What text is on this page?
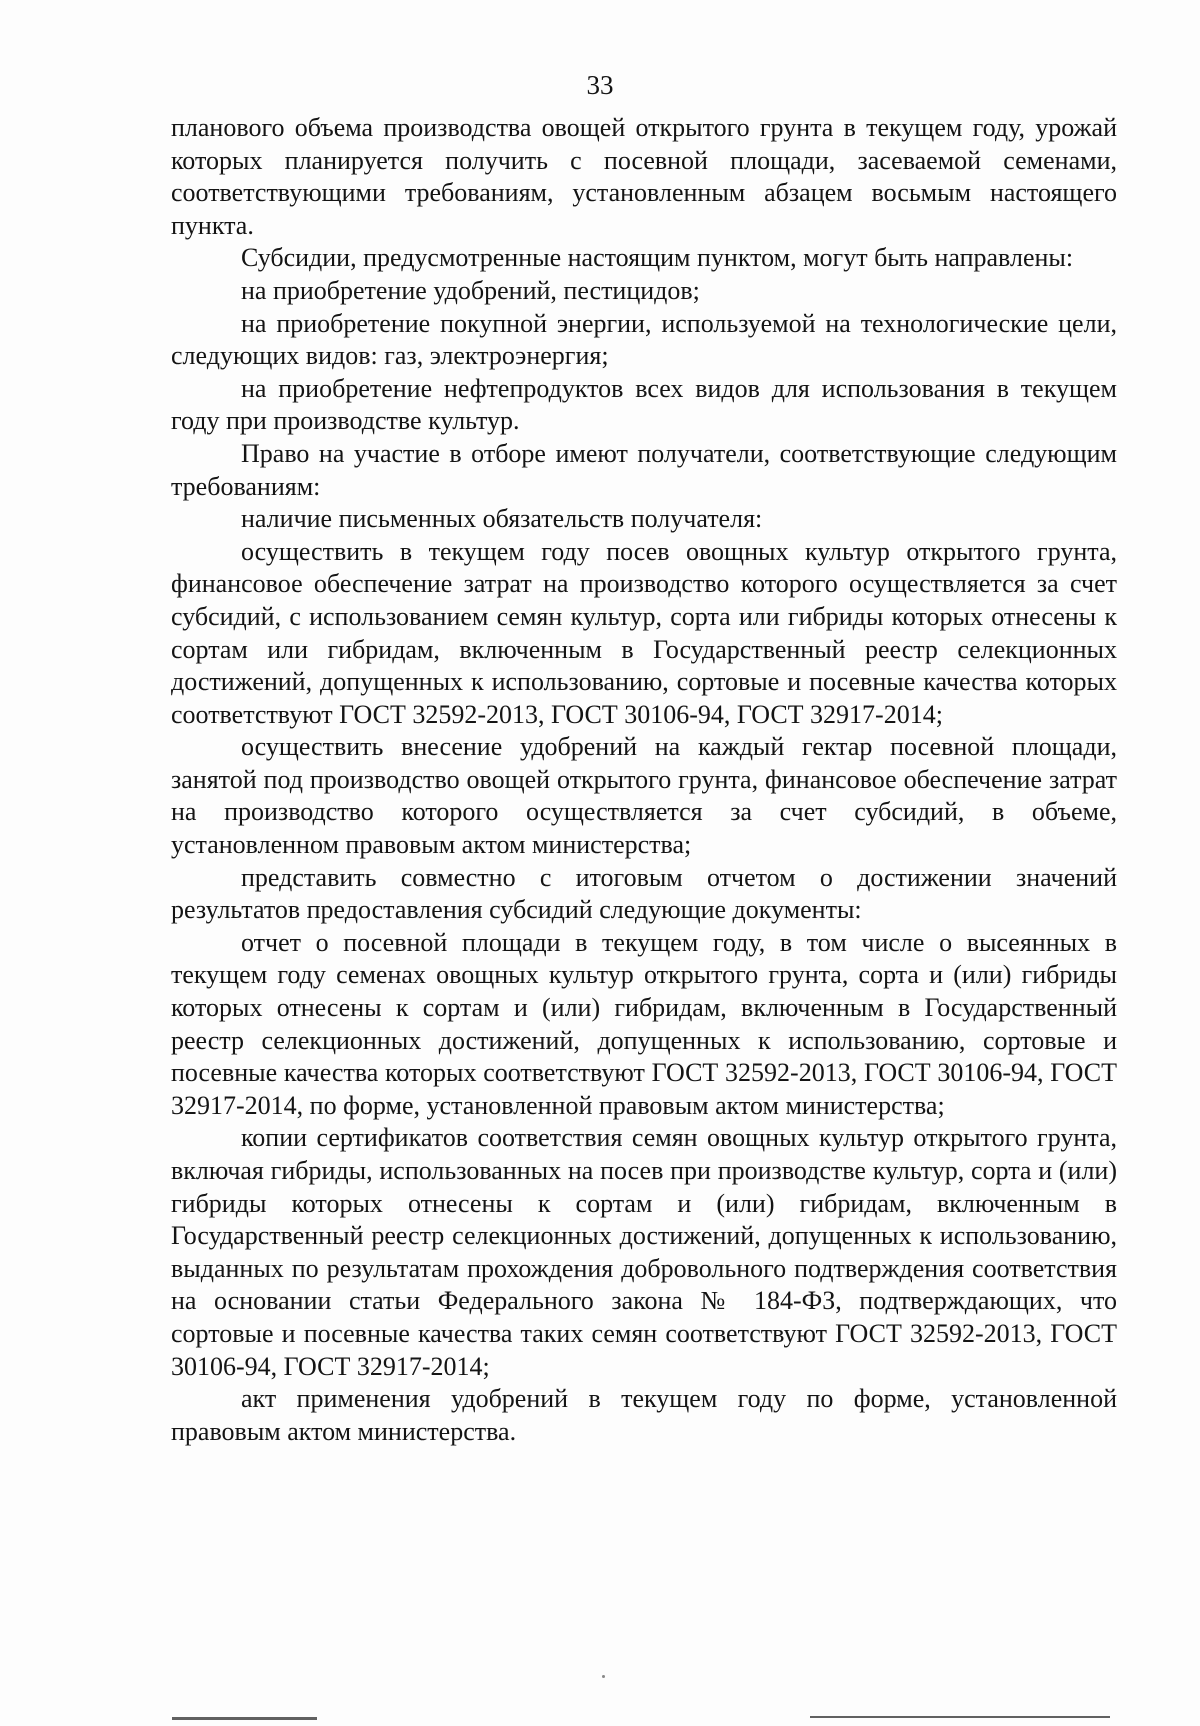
33

планового объема производства овощей открытого грунта в текущем году, урожай которых планируется получить с посевной площади, засеваемой семенами, соответствующими требованиям, установленным абзацем восьмым настоящего пункта.

Субсидии, предусмотренные настоящим пунктом, могут быть направлены:

на приобретение удобрений, пестицидов;

на приобретение покупной энергии, используемой на технологические цели, следующих видов: газ, электроэнергия;

на приобретение нефтепродуктов всех видов для использования в текущем году при производстве культур.

Право на участие в отборе имеют получатели, соответствующие следующим требованиям:

наличие письменных обязательств получателя:

осуществить в текущем году посев овощных культур открытого грунта, финансовое обеспечение затрат на производство которого осуществляется за счет субсидий, с использованием семян культур, сорта или гибриды которых отнесены к сортам или гибридам, включенным в Государственный реестр селекционных достижений, допущенных к использованию, сортовые и посевные качества которых соответствуют ГОСТ 32592-2013, ГОСТ 30106-94, ГОСТ 32917-2014;

осуществить внесение удобрений на каждый гектар посевной площади, занятой под производство овощей открытого грунта, финансовое обеспечение затрат на производство которого осуществляется за счет субсидий, в объеме, установленном правовым актом министерства;

представить совместно с итоговым отчетом о достижении значений результатов предоставления субсидий следующие документы:

отчет о посевной площади в текущем году, в том числе о высеянных в текущем году семенах овощных культур открытого грунта, сорта и (или) гибриды которых отнесены к сортам и (или) гибридам, включенным в Государственный реестр селекционных достижений, допущенных к использованию, сортовые и посевные качества которых соответствуют ГОСТ 32592-2013, ГОСТ 30106-94, ГОСТ 32917-2014, по форме, установленной правовым актом министерства;

копии сертификатов соответствия семян овощных культур открытого грунта, включая гибриды, использованных на посев при производстве культур, сорта и (или) гибриды которых отнесены к сортам и (или) гибридам, включенным в Государственный реестр селекционных достижений, допущенных к использованию, выданных по результатам прохождения добровольного подтверждения соответствия на основании статьи Федерального закона № 184-ФЗ, подтверждающих, что сортовые и посевные качества таких семян соответствуют ГОСТ 32592-2013, ГОСТ 30106-94, ГОСТ 32917-2014;

акт применения удобрений в текущем году по форме, установленной правовым актом министерства.
